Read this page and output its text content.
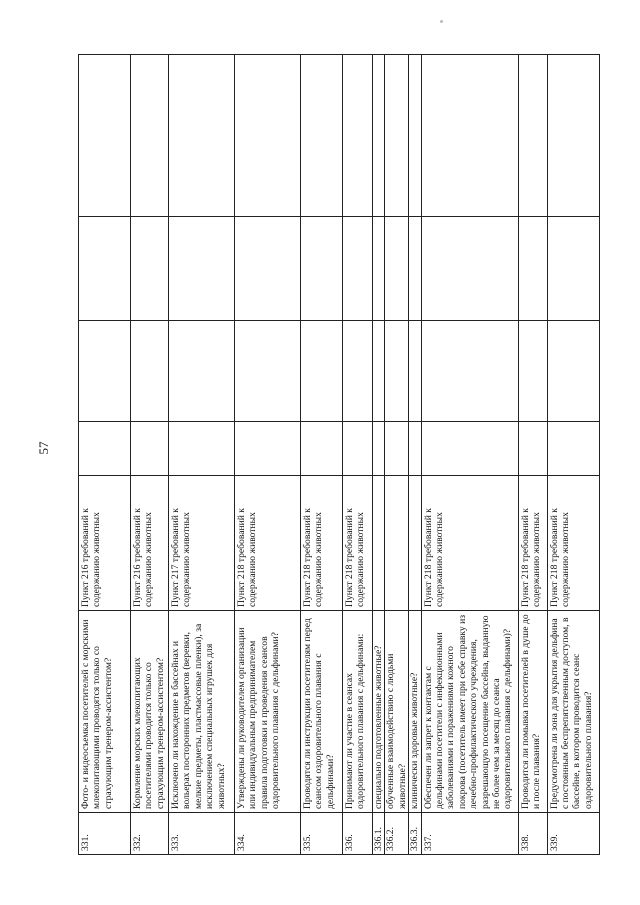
57
331.	Фото- и видеосъемка посетителей с морскими млекопитающими проводятся только со страхующим тренером-ассистентом?	Пункт 216 требований к содержанию животных				
332.	Кормление морских млекопитающих посетителями проводится только со страхующим тренером-ассистентом?	Пункт 216 требований к содержанию животных				
333.	Исключено ли нахождение в бассейнах и вольерах посторонних предметов (веревки, мелкие предметы, пластмассовые пленки), за исключением специальных игрушек для животных?	Пункт 217 требований к содержанию животных				
334.	Утверждены ли руководителем организации или индивидуальным предпринимателем правила подготовки и проведения сеансов оздоровительного плавания с дельфинами?	Пункт 218 требований к содержанию животных				
335.	Проводятся ли инструкции посетителям перед сеансом оздоровительного плавания с дельфинами?	Пункт 218 требований к содержанию животных				
336.	Принимают ли участие в сеансах оздоровительного плавания с дельфинами:	Пункт 218 требований к содержанию животных				
336.1.	специально подготовленные животные?					
336.2.	обученные взаимодействию с людьми животные?					
336.3.	клинически здоровые животные?					
337.	Обеспечен ли запрет к контактам с дельфинами посетители с инфекционными заболеваниями и поражениями кожного покрова (посетитель имеет при себе справку из лечебно-профилактического учреждения, разрешающую посещение бассейна, выданную не более чем за месяц до сеанса оздоровительного плавания с дельфинами)?	Пункт 218 требований к содержанию животных				
338.	Проводится ли помывка посетителей в душе до и после плавания?	Пункт 218 требований к содержанию животных				
339.	Предусмотрена ли зона для укрытия дельфина с постоянным беспрепятственным доступом, в бассейне, в котором проводится сеанс оздоровительного плавания?	Пункт 218 требований к содержанию животных				
